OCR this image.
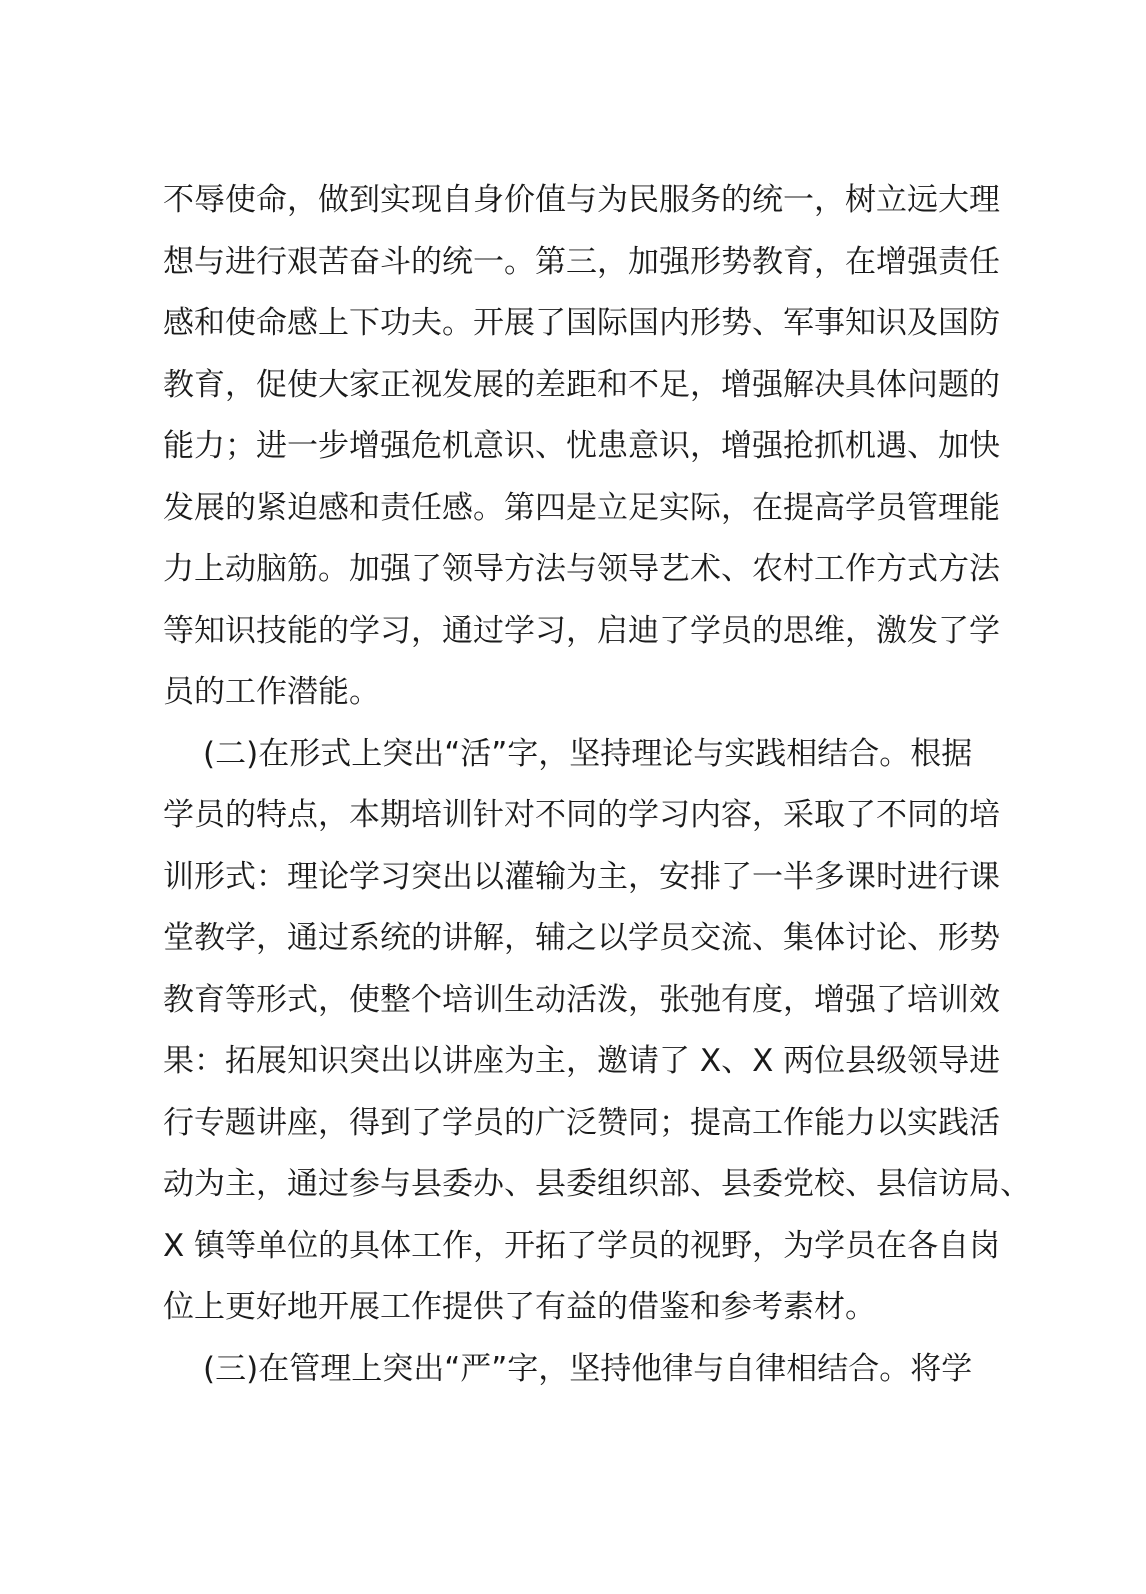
不辱使命，做到实现自身价值与为民服务的统一，树立远大理
想与进行艰苦奋斗的统一。第三，加强形势教育，在增强责任
感和使命感上下功夫。开展了国际国内形势、军事知识及国防
教育，促使大家正视发展的差距和不足，增强解决具体问题的
能力；进一步增强危机意识、忧患意识，增强抢抓机遇、加快
发展的紧迫感和责任感。第四是立足实际，在提高学员管理能
力上动脑筋。加强了领导方法与领导艺术、农村工作方式方法
等知识技能的学习，通过学习，启迪了学员的思维，激发了学
员的工作潜能。
(二)在形式上突出“活”字，坚持理论与实践相结合。根据
学员的特点，本期培训针对不同的学习内容，采取了不同的培
训形式：理论学习突出以灌输为主，安排了一半多课时进行课
堂教学，通过系统的讲解，辅之以学员交流、集体讨论、形势
教育等形式，使整个培训生动活泼，张弛有度，增强了培训效
果：拓展知识突出以讲座为主，邀请了 X、X 两位县级领导进
行专题讲座，得到了学员的广泛赞同；提高工作能力以实践活
动为主，通过参与县委办、县委组织部、县委党校、县信访局、
X 镇等单位的具体工作，开拓了学员的视野，为学员在各自岗
位上更好地开展工作提供了有益的借鉴和参考素材。
(三)在管理上突出“严”字，坚持他律与自律相结合。将学
